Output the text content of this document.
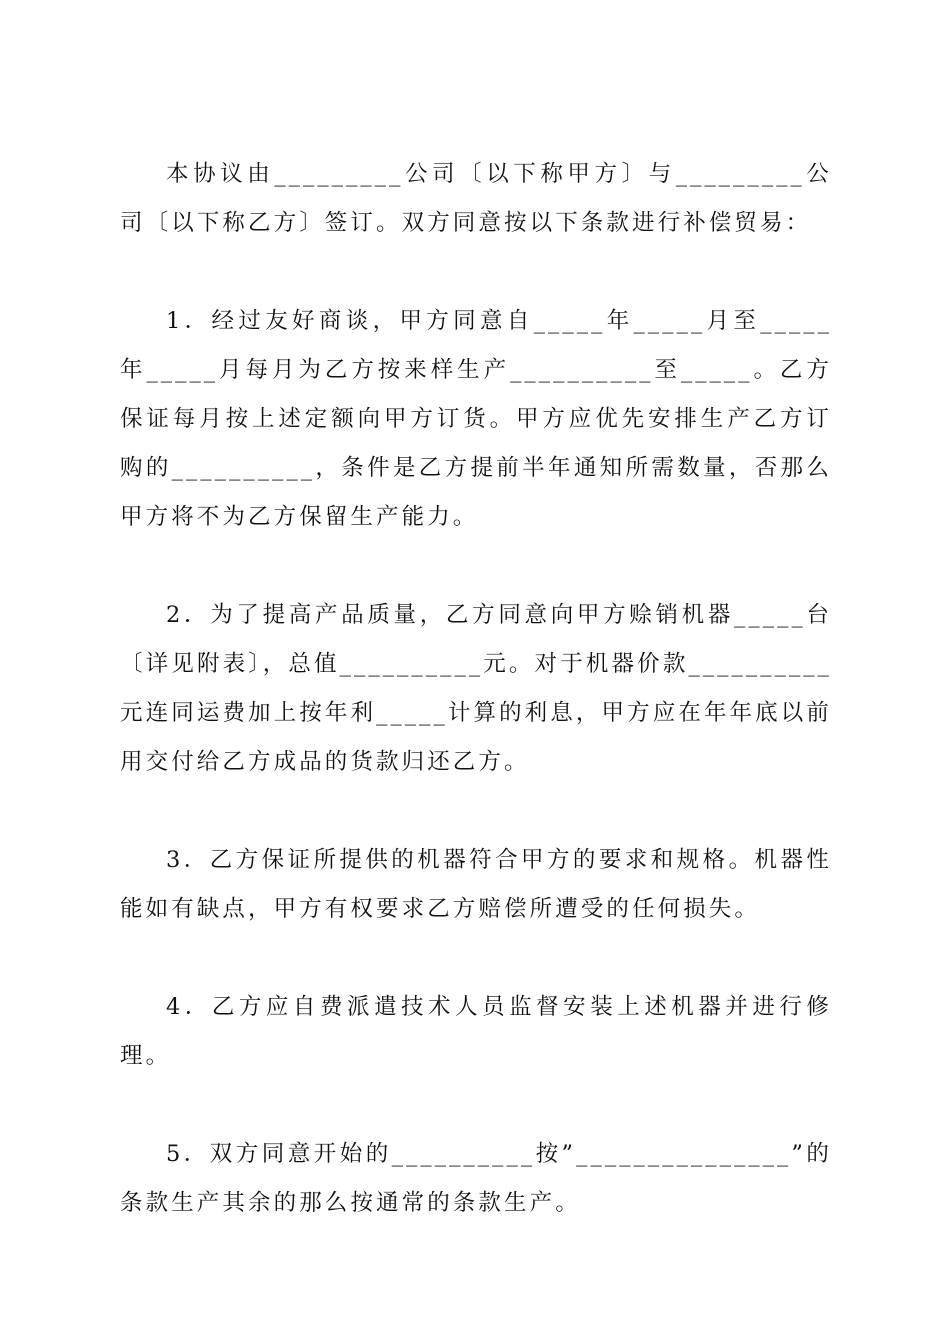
本协议由_________公司〔以下称甲方〕与_________公司〔以下称乙方〕签订。双方同意按以下条款进行补偿贸易：

1．经过友好商谈，甲方同意自_____年_____月至_____年_____月每月为乙方按来样生产__________至_____。乙方保证每月按上述定额向甲方订货。甲方应优先安排生产乙方订购的__________，条件是乙方提前半年通知所需数量，否那么甲方将不为乙方保留生产能力。

2．为了提高产品质量，乙方同意向甲方赊销机器_____台〔详见附表〕，总值__________元。对于机器价款__________元连同运费加上按年利_____计算的利息，甲方应在年年底以前用交付给乙方成品的货款归还乙方。

3．乙方保证所提供的机器符合甲方的要求和规格。机器性能如有缺点，甲方有权要求乙方赔偿所遭受的任何损失。

4．乙方应自费派遣技术人员监督安装上述机器并进行修理。

5．双方同意开始的__________按”_______________”的条款生产其余的那么按通常的条款生产。
